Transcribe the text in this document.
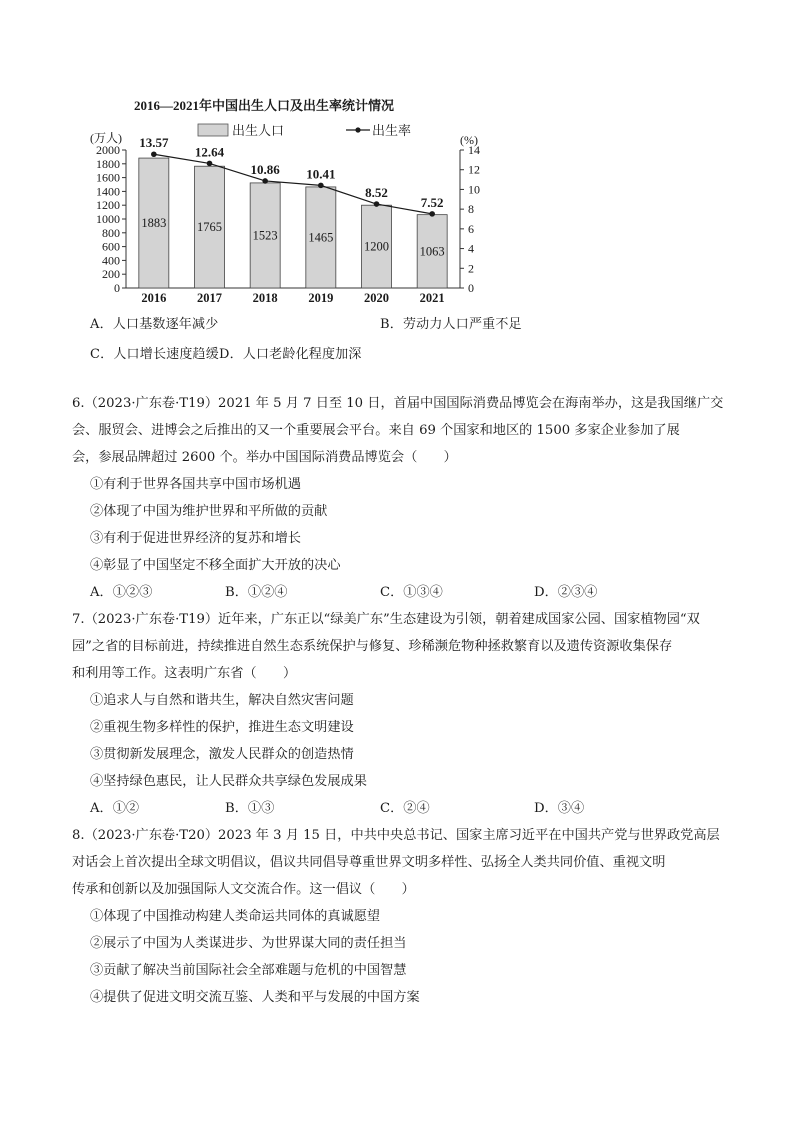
2016—2021年中国出生人口及出生率统计情况
出生人口	出生率
(万人)	(%)
0
200
400
600
800
1000
1200
1400
1600
1800
2000
0
2
4
6
8
10
12
14
1883
2016
1765
2017
1523
2018
1465
2019
1200
2020
1063
2021
13.57
12.64
10.86 10.41
8.52
7.52
A．人口基数逐年减少	B．劳动力人口严重不足
C．人口增长速度趋缓D．人口老龄化程度加深

6.（2023·广东卷·T19）2021 年 5 月 7 日至 10 日，首届中国国际消费品博览会在海南举办，这是我国继广交
会、服贸会、进博会之后推出的又一个重要展会平台。来自 69 个国家和地区的 1500 多家企业参加了展
会，参展品牌超过 2600 个。举办中国国际消费品博览会（　　）

①有利于世界各国共享中国市场机遇

②体现了中国为维护世界和平所做的贡献

③有利于促进世界经济的复苏和增长

④彰显了中国坚定不移全面扩大开放的决心

A．①②③	B．①②④	C．①③④	D．②③④

7.（2023·广东卷·T19）近年来，广东正以“绿美广东”生态建设为引领，朝着建成国家公园、国家植物园“双
园”之省的目标前进，持续推进自然生态系统保护与修复、珍稀濒危物种拯救繁育以及遗传资源收集保存
和利用等工作。这表明广东省（　　）

①追求人与自然和谐共生，解决自然灾害问题

②重视生物多样性的保护，推进生态文明建设

③贯彻新发展理念，激发人民群众的创造热情

④坚持绿色惠民，让人民群众共享绿色发展成果

A．①②	B．①③	C．②④	D．③④

8.（2023·广东卷·T20）2023 年 3 月 15 日，中共中央总书记、国家主席习近平在中国共产党与世界政党高层
对话会上首次提出全球文明倡议，倡议共同倡导尊重世界文明多样性、弘扬全人类共同价值、重视文明
传承和创新以及加强国际人文交流合作。这一倡议（　　）

①体现了中国推动构建人类命运共同体的真诚愿望

②展示了中国为人类谋进步、为世界谋大同的责任担当

③贡献了解决当前国际社会全部难题与危机的中国智慧

④提供了促进文明交流互鉴、人类和平与发展的中国方案
